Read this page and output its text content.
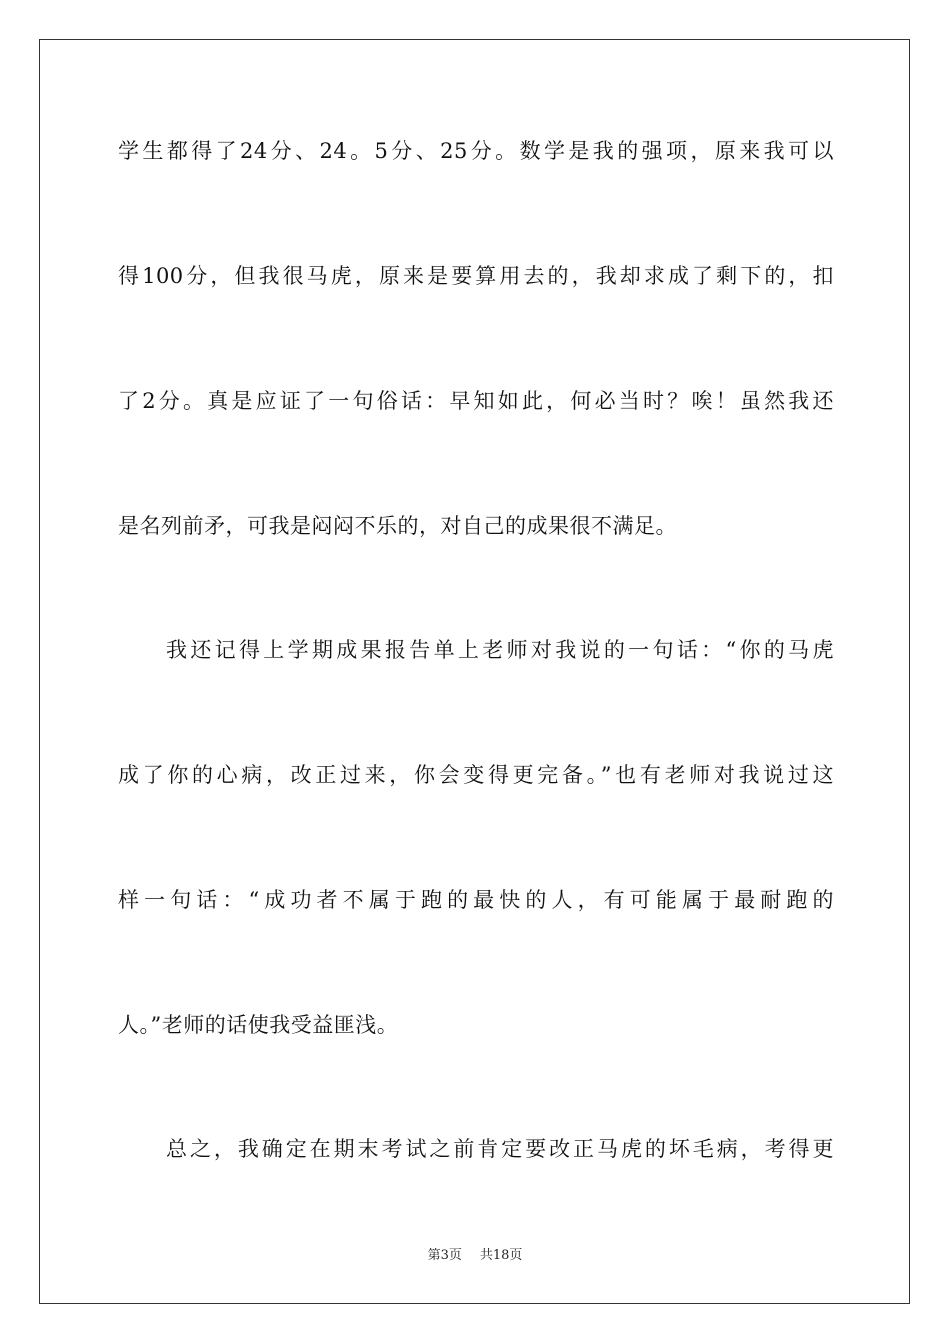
学生都得了24分、24。5分、25分。数学是我的强项，原来我可以
得100分，但我很马虎，原来是要算用去的，我却求成了剩下的，扣
了2分。真是应证了一句俗话：早知如此，何必当时？唉！虽然我还
是名列前矛，可我是闷闷不乐的，对自己的成果很不满足。
我还记得上学期成果报告单上老师对我说的一句话：“你的马虎
成了你的心病，改正过来，你会变得更完备。”也有老师对我说过这
样一句话：“成功者不属于跑的最快的人，有可能属于最耐跑的
人。”老师的话使我受益匪浅。
总之，我确定在期末考试之前肯定要改正马虎的坏毛病，考得更
第3页 共18页
